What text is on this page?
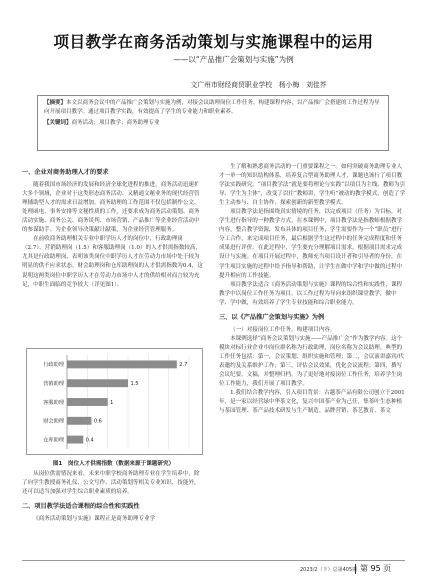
项目教学在商务活动策划与实施课程中的运用
——以“产品推广会策划与实施”为例
文广州市财经商贸职业学校　杨小梅　刘佳芥
【摘要】本文以商务会议中的产品推广会策划与实施为例，对接会议助理岗位工作任务，构建课程内容，以产品推广会搭建的工作过程为导向开展项目教学。通过项目教学实践，有效提高了学生的专业能力和职业素养。
【关键词】商务活动；项目教学；商务助理专业

一、企业对商务助理人才的要求

随着我国市场经济的发展和经济全球化进程的推进，商务活动迅速扩大多个领域，企业对于这类形态商务活动、又精通文秘业务的现代经营管理辅助型人才的需求日益增加。商务助理的工作范围不仅包括制作公文、处理函电、事务安排等文秘性质的工作，还要求成为商务活动策划、商务活动实施、商务公关、商务谈判、市场营销、产品推广等企业经营活动中的参谋助手。为企业领导决策献计献策，为企业经营管理服务。

在前收商务助理相关专业中职学历人才的岗位中，行政助理岗（2.7）、营销助理岗（1.5）和客服助理岗（1.0）的人才供需指数较高，尤其是行政助理岗，表明该类岗位中职学历人才在劳动力市场中处于较为明显的供不应求状态。财会助理岗和仓库助理岗的人才供需指数为0.4，这说明这两类岗位中职学历人才在劳动力市场中人才的供给相对而言较为充足，中职生面临的竞争较大（详见图1）。

行政助理	2.7
营销助理	1.5
客服助理	1
财会助理	0.6
仓库助理	0.4
图1　岗位人才供需指数（数据来源于课题研究）

从岗位供需情况来看，未来中职学校商务助理专业在学生培养中，除了向学生教授商务礼仪、公文写作、活动策划等相关专业知识、技能外，还可以适当加强对学生综合职业素质的培养。

二、项目教学法适合课程的综合性和实践性

《商务活动策划与实施》课程正是商务助理专业学

生了解和熟悉商务活动的一门重要课程之一。如何突破商务助理专业人才一单一的知识结构体系，培养复合型商务助理人才，课题也该行了项目教学法实践研究。“项目教学法”就是要将理论与实践“以项目为主线、教师为引导、学生为主体”，改变了以往“教师讲，学生听”被动的教学模式，创造了学生主动参与、自主协作、探索创新的新型教学模式。

项目教学法是指围绕真实情境的任务，以完成项目（任务）为目标，对学生进行指导的一种教学方式。在本课例中，项目教学法是指教师根据教学内容，整合教学资源，发布具体的项目任务，学生需要作为一个“职员”进行分工合作，来完成项目任务，最后根据学生这过程中的任务完成程度和任务成果进行评价。在此过程中，学生要充分理解项目需求，根据项目需求完成设计与实施。在项目开展过程中，教师充当项目设计者和引导者的身份，在学生项目实施的过程中给予指导和帮助，让学生在做中学和学中做的过程中提升相应的工作技能。

项目教学法适合《商务活动策划与实施》课程的综合性和实践性，课程教学中以岗位工作任务为项目，以工作过程为导向来组织课堂教学，做中学、学中做，有效培养了学生专业技能和综合职业能力。

三、以《产品推广会策划与实施》为例

（一）对接岗位工作任务，构建项目内容。

本课例选择“商务会议策划与实施——产品推广会”作为教学内容。这个模块对标行业企业中岗位群名称为行政助理，岗位名称为会议助理。典型的工作任务包括：第一，会议策划、组织实施和管理；第二，会议演讲嘉宾/代表邀约及关系维护工作；第三，评估会议效果，优化会议流程；第四，撰写会议纪要、文稿，并整理归档。为了更好地对接岗位工作任务，培养学生岗位工作能力，我们开展了项目教学。

1.我们结合教学内容，引入项目背景：古越茶产品有限公司创立于2001年，是一家以经营绿中华茶文化，复兴中国茶产业为己任，集茶叶生态种植与茶园管理、茶产品技术研发与生产制造、品牌营销、茶艺教育、茶文

2023/2（下）总第405期 第 95 页
